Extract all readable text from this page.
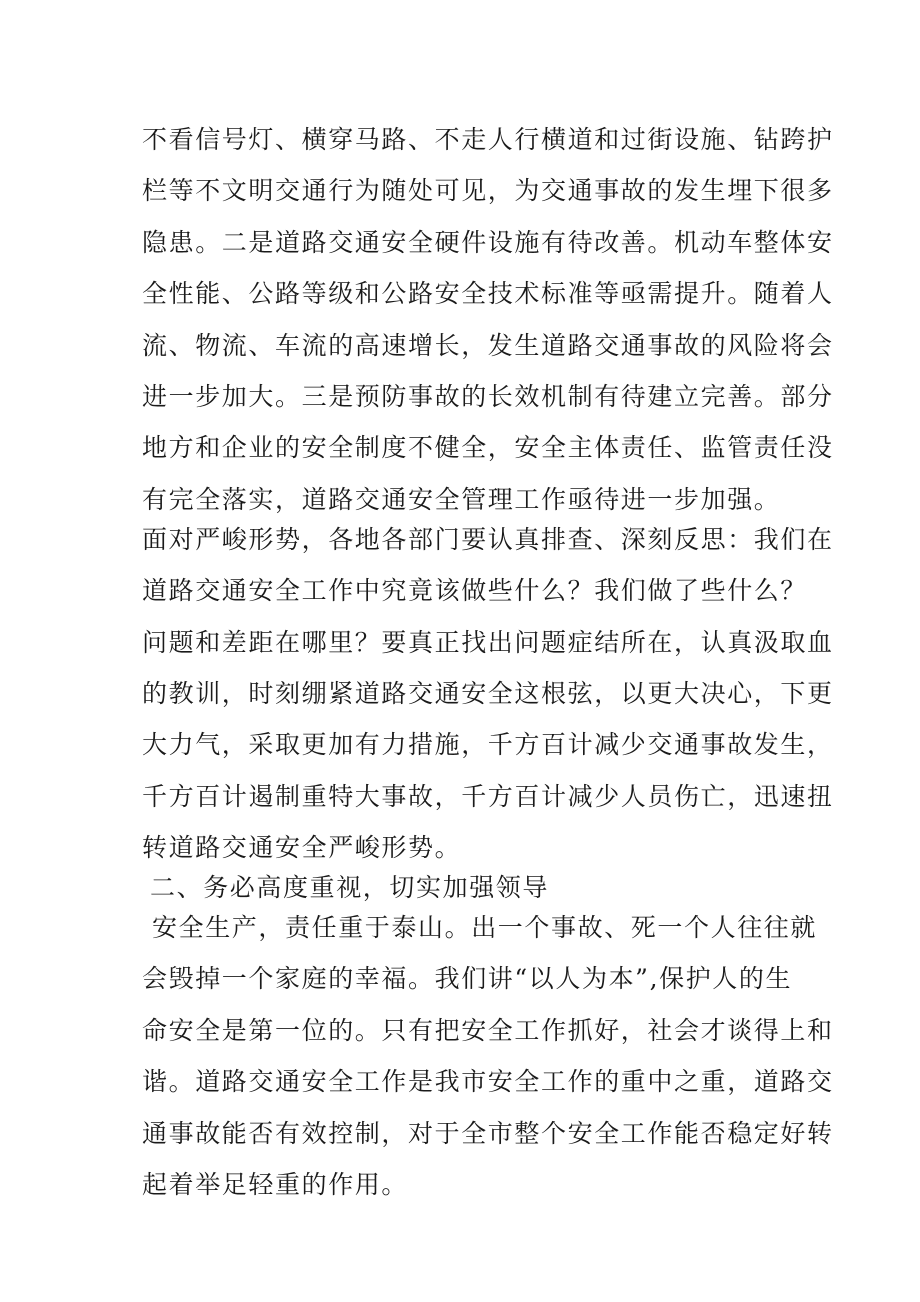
不看信号灯、横穿马路、不走人行横道和过街设施、钻跨护
栏等不文明交通行为随处可见，为交通事故的发生埋下很多
隐患。二是道路交通安全硬件设施有待改善。机动车整体安
全性能、公路等级和公路安全技术标准等亟需提升。随着人
流、物流、车流的高速增长，发生道路交通事故的风险将会
进一步加大。三是预防事故的长效机制有待建立完善。部分
地方和企业的安全制度不健全，安全主体责任、监管责任没
有完全落实，道路交通安全管理工作亟待进一步加强。
面对严峻形势，各地各部门要认真排查、深刻反思：我们在
道路交通安全工作中究竟该做些什么？我们做了些什么？
问题和差距在哪里？要真正找出问题症结所在，认真汲取血
的教训，时刻绷紧道路交通安全这根弦，以更大决心，下更
大力气，采取更加有力措施，千方百计减少交通事故发生，
千方百计遏制重特大事故，千方百计减少人员伤亡，迅速扭
转道路交通安全严峻形势。
二、务必高度重视，切实加强领导
安全生产，责任重于泰山。出一个事故、死一个人往往就
会毁掉一个家庭的幸福。我们讲“以人为本”,保护人的生
命安全是第一位的。只有把安全工作抓好，社会才谈得上和
谐。道路交通安全工作是我市安全工作的重中之重，道路交
通事故能否有效控制，对于全市整个安全工作能否稳定好转
起着举足轻重的作用。
